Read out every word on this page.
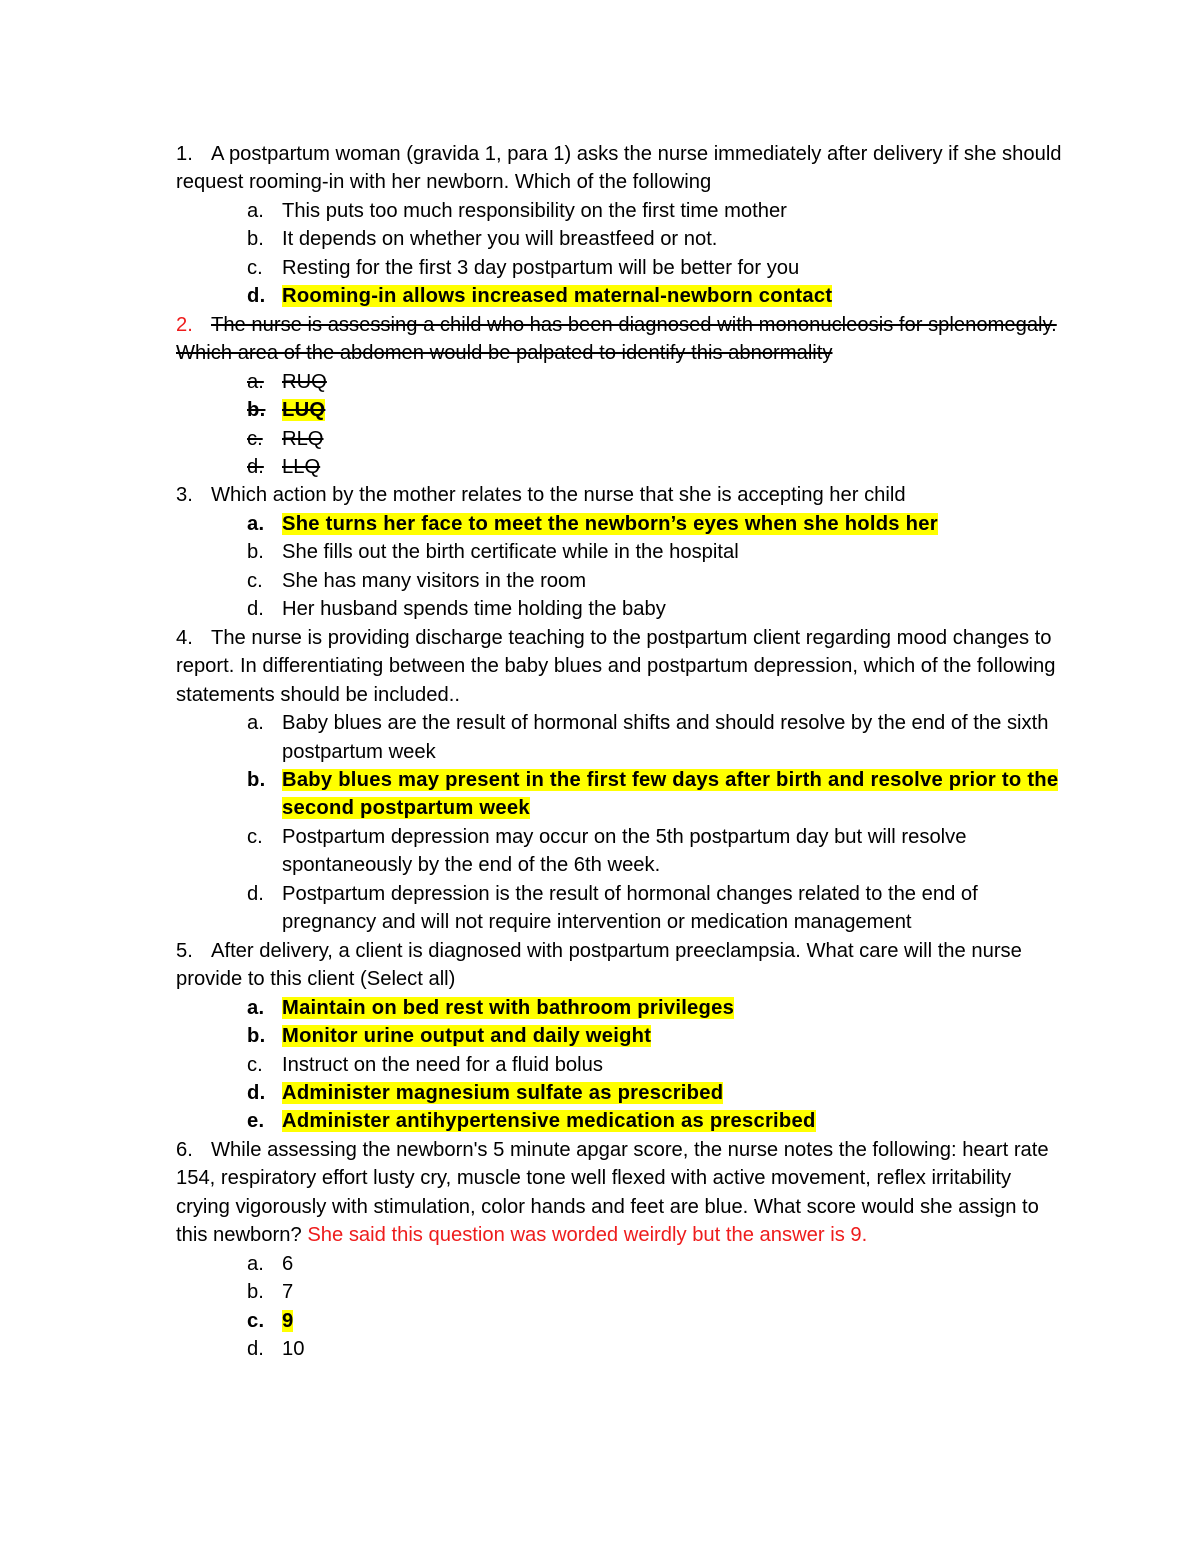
1. A postpartum woman (gravida 1, para 1) asks the nurse immediately after delivery if she should request rooming-in with her newborn. Which of the following
a. This puts too much responsibility on the first time mother
b. It depends on whether you will breastfeed or not.
c. Resting for the first 3 day postpartum will be better for you
d. Rooming-in allows increased maternal-newborn contact
2. The nurse is assessing a child who has been diagnosed with mononucleosis for splenomegaly. Which area of the abdomen would be palpated to identify this abnormality
a. RUQ
b. LUQ
c. RLQ
d. LLQ
3. Which action by the mother relates to the nurse that she is accepting her child
a. She turns her face to meet the newborn’s eyes when she holds her
b. She fills out the birth certificate while in the hospital
c. She has many visitors in the room
d. Her husband spends time holding the baby
4. The nurse is providing discharge teaching to the postpartum client regarding mood changes to report. In differentiating between the baby blues and postpartum depression, which of the following statements should be included..
a. Baby blues are the result of hormonal shifts and should resolve by the end of the sixth postpartum week
b. Baby blues may present in the first few days after birth and resolve prior to the second postpartum week
c. Postpartum depression may occur on the 5th postpartum day but will resolve spontaneously by the end of the 6th week.
d. Postpartum depression is the result of hormonal changes related to the end of pregnancy and will not require intervention or medication management
5. After delivery, a client is diagnosed with postpartum preeclampsia. What care will the nurse provide to this client (Select all)
a. Maintain on bed rest with bathroom privileges
b. Monitor urine output and daily weight
c. Instruct on the need for a fluid bolus
d. Administer magnesium sulfate as prescribed
e. Administer antihypertensive medication as prescribed
6. While assessing the newborn's 5 minute apgar score, the nurse notes the following: heart rate 154, respiratory effort lusty cry, muscle tone well flexed with active movement, reflex irritability crying vigorously with stimulation, color hands and feet are blue. What score would she assign to this newborn? She said this question was worded weirdly but the answer is 9.
a. 6
b. 7
c. 9
d. 10
